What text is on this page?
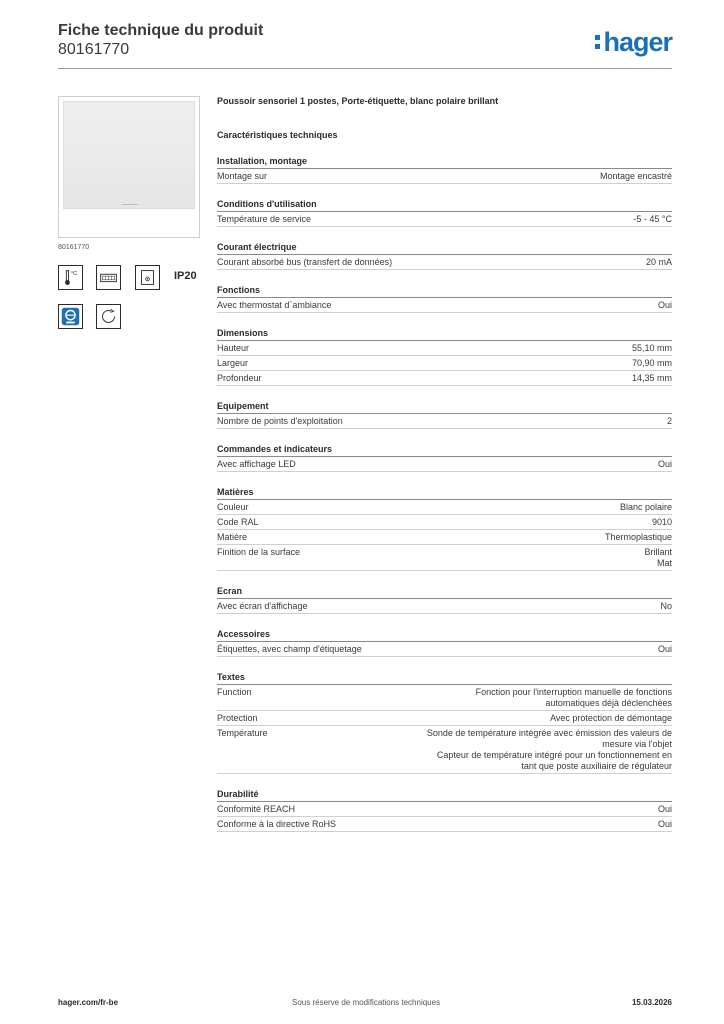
Fiche technique du produit
80161770	hager
80161770
°C	IP20
°
Poussoir sensoriel 1 postes, Porte-étiquette, blanc polaire brillant
Caractéristiques techniques
Installation, montage
Montage sur	Montage encastré
Conditions d'utilisation
Température de service	-5 - 45 °C
Courant électrique
Courant absorbé bus (transfert de données)	20 mA
Fonctions
Avec thermostat d`ambiance	Oui
Dimensions
Hauteur	55,10 mm
Largeur	70,90 mm
Profondeur	14,35 mm
Equipement
Nombre de points d'exploitation	2
Commandes et indicateurs
Avec affichage LED	Oui
Matières
Couleur	Blanc polaire
Code RAL	9010
Matière	Thermoplastique
Finition de la surface	Brillant
Mat
Ecran
Avec écran d'affichage	No
Accessoires
Étiquettes, avec champ d'étiquetage	Oui
Textes
Function	Fonction pour l'interruption manuelle de fonctions
automatiques déjà déclenchées
Protection	Avec protection de démontage
Température	Sonde de température intégrée avec émission des valeurs de
mesure via l'objet
Capteur de température intégré pour un fonctionnement en
tant que poste auxiliaire de régulateur
Durabilité
Conformité REACH	Oui
Conforme à la directive RoHS	Oui
hager.com/fr-be	Sous réserve de modifications techniques	15.03.2026
